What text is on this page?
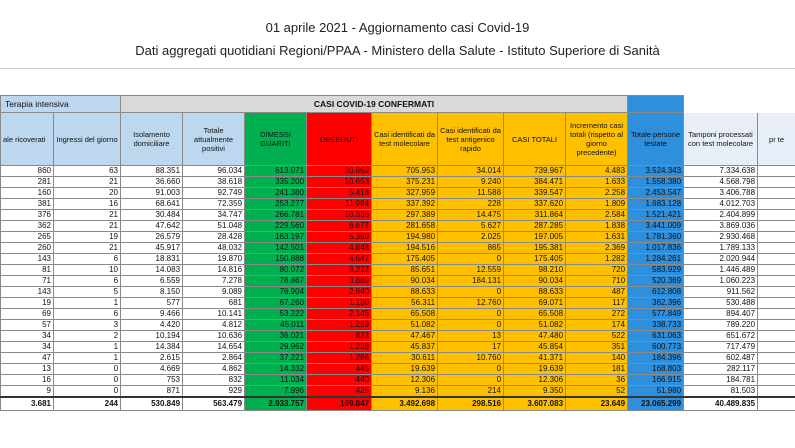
01 aprile 2021 - Aggiornamento casi Covid-19
Dati aggregati quotidiani Regioni/PPAA - Ministero della Salute - Istituto Superiore di Sanità
Terapia intensiva		CASI COVID-19 CONFERMATI										
ale ricoverati	Ingressi del giorno	Isolamento domiciliare	Totale attualmente positivi	DIMESSI GUARITI	DECEDUTI	Casi identificati da test molecolare	Casi identificati da test antigenico rapido	CASI TOTALI	Incremento casi totali (rispetto al giorno precedente)	Totale persone testate	Tamponi processati con test molecolare	pr te
860	63	88.351	96.034	613.071	30.862	705.953	34.014	739.967	4.483	3.524.343	7.334.638	
281	21	36.660	38.618	335.200	10.653	375.231	9.240	384.471	1.633	1.558.380	4.568.798	
160	20	91.003	92.749	241.380	5.418	327.959	11.588	339.547	2.258	2.453.547	3.406.788	
381	16	68.641	72.359	253.277	11.984	337.392	228	337.620	1.809	1.683.128	4.012.703	
376	21	30.484	34.747	266.781	10.336	297.389	14.475	311.864	2.584	1.521.421	2.404.899	
362	21	47.642	51.048	229.560	6.677	281.658	5.627	287.285	1.838	3.441.009	3.869.036	
265	19	26.579	28.428	163.197	5.380	194.980	2.025	197.005	1.631	1.781.360	2.930.468	
260	21	45.917	48.032	142.501	4.848	194.516	865	195.381	2.369	1.017.836	1.789.133	
143	6	18.831	19.870	150.888	4.647	175.405	0	175.405	1.282	1.284.261	2.020.944	
81	10	14.083	14.816	80.072	3.322	85.651	12.559	98.210	720	583.929	1.446.489	
71	6	6.559	7.278	78.867	3.889	90.034	184.131	90.034	710	520.369	1.060.223	
143	5	8.150	9.089	76.904	2.640	88.633	0	88.633	487	612.808	911.562	
19	1	577	681	67.260	1.130	56.311	12.760	69.071	117	362.396	530.488	
69	6	9.466	10.141	53.222	2.145	65.508	0	65.508	272	577.849	894.407	
57	3	4.420	4.812	45.011	1.259	51.082	0	51.082	174	338.733	789.220	
34	2	10.194	10.636	36.021	823	47.467	13	47.480	522	631.063	651.672	
34	1	14.384	14.654	29.962	1.238	45.837	17	45.854	351	600.773	717.479	
47	1	2.615	2.864	37.221	1.286	30.611	10.760	41.371	140	184.396	602.487	
13	0	4.669	4.862	14.332	445	19.639	0	19.639	181	168.803	282.117	
16	0	753	832	11.034	440	12.306	0	12.306	36	166.915	184.781	
9	0	871	929	7.996	425	9.136	214	9.350	52	51.980	81.503	
3.681	244	530.849	563.479	2.933.757	109.847	3.492.698	298.516	3.607.083	23.649	23.065.299	40.489.835	
